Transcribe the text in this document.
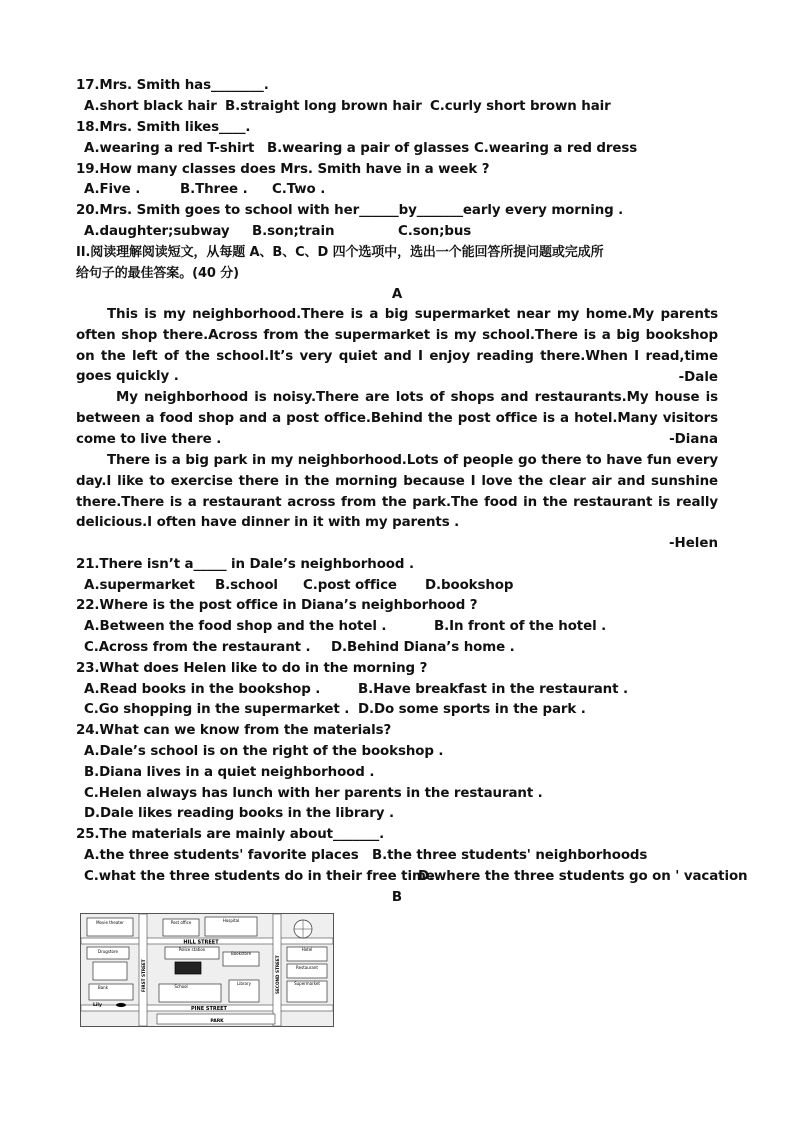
17.Mrs. Smith has________.
A.short black hair B.straight long brown hair C.curly short brown hair
18.Mrs. Smith likes____.
A.wearing a red T-shirt B.wearing a pair of glasses C.wearing a red dress
19.How many classes does Mrs. Smith have in a week ?
A.Five .	B.Three . C.Two .
20.Mrs. Smith goes to school with her______by_______early every morning .
A.daughter;subway B.son;train	C.son;bus
II.阅读理解阅读短文，从每题 A、B、C、D 四个选项中，选出一个能回答所提问题或完成所
给句子的最佳答案。(40 分)
A
This is my neighborhood.There is a big supermarket near my home.My parents often shop there.Across from the supermarket is my school.There is a big bookshop on the left of the school.It’s very quiet and I enjoy reading there.When I read,time goes quickly .	-Dale
My neighborhood is noisy.There are lots of shops and restaurants.My house is between a food shop and a post office.Behind the post office is a hotel.Many visitors come to live there .	-Diana
There is a big park in my neighborhood.Lots of people go there to have fun every day.I like to exercise there in the morning because I love the clear air and sunshine there.There is a restaurant across from the park.The food in the restaurant is really delicious.I often have dinner in it with my parents .
-Helen
21.There isn’t a_____ in Dale’s neighborhood .
A.supermarket B.school C.post office D.bookshop
22.Where is the post office in Diana’s neighborhood ?
A.Between the food shop and the hotel .	B.In front of the hotel .
C.Across from the restaurant . D.Behind Diana’s home .
23.What does Helen like to do in the morning ?
A.Read books in the bookshop .	B.Have breakfast in the restaurant .
C.Go shopping in the supermarket . D.Do some sports in the park .
24.What can we know from the materials?
A.Dale’s school is on the right of the bookshop .
B.Diana lives in a quiet neighborhood .
C.Helen always has lunch with her parents in the restaurant .
D.Dale likes reading books in the library .
25.The materials are mainly about_______.
A.the three students' favorite places B.the three students' neighborhoods
C.what the three students do in their free time
D.where the three students go on ' vacation
B
HILL STREET
PINE STREET
FIRST STREET	SECOND STREET
Movie theater	Post office	Hospital
Drugstore
Bank
Police station
Bookstore
School
Library
Hotel
Restaurant
Supermarket
PARK
Lily
